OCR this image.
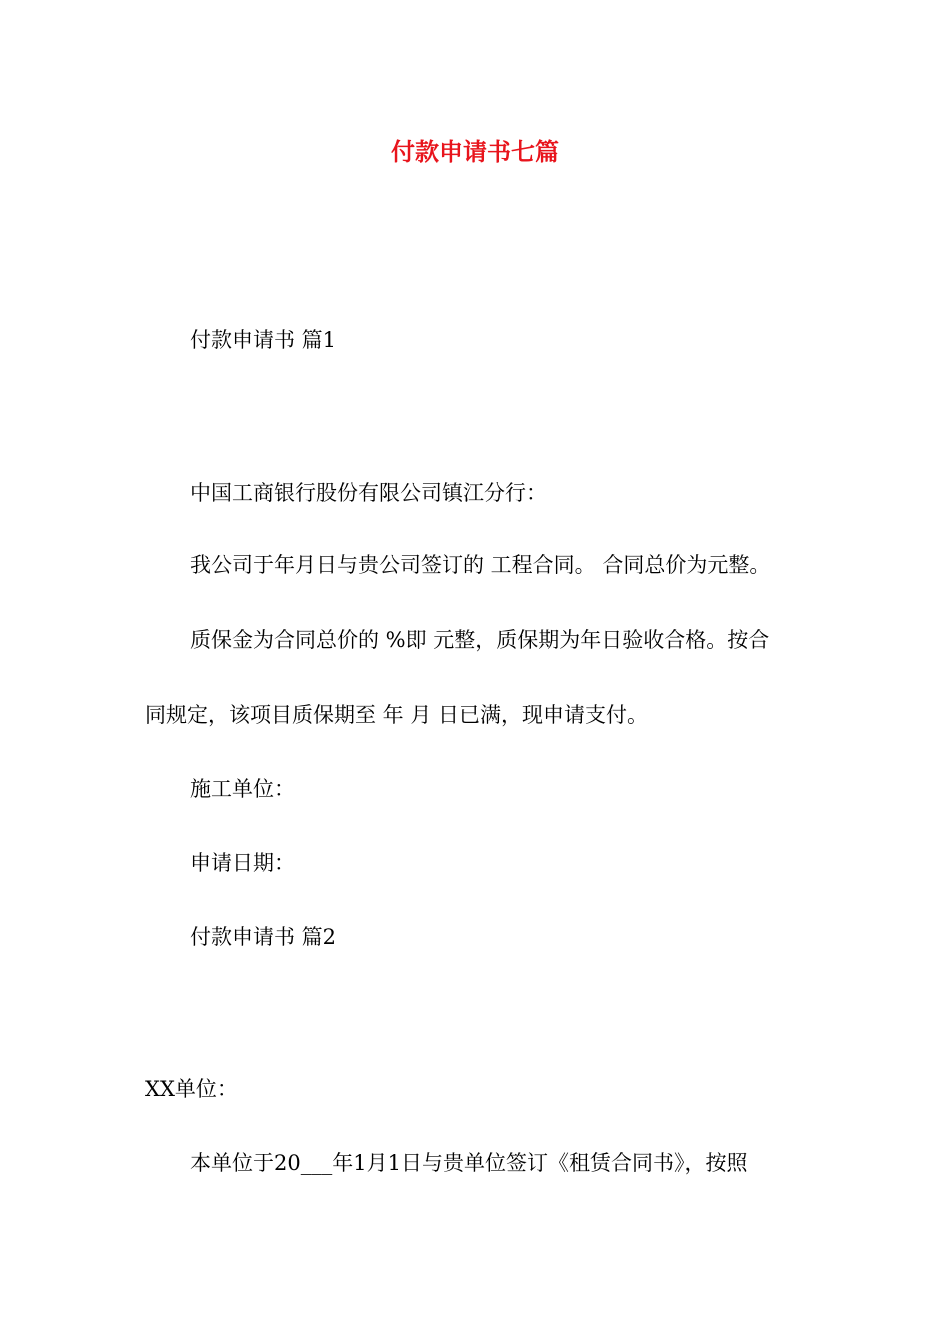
付款申请书七篇

付款申请书 篇1

中国工商银行股份有限公司镇江分行：

我公司于年月日与贵公司签订的 工程合同。 合同总价为元整。

质保金为合同总价的 %即 元整，质保期为年日验收合格。按合

同规定，该项目质保期至 年 月 日已满，现申请支付。

施工单位：

申请日期：

付款申请书 篇2

XX单位：

本单位于20___年1月1日与贵单位签订《租赁合同书》，按照
